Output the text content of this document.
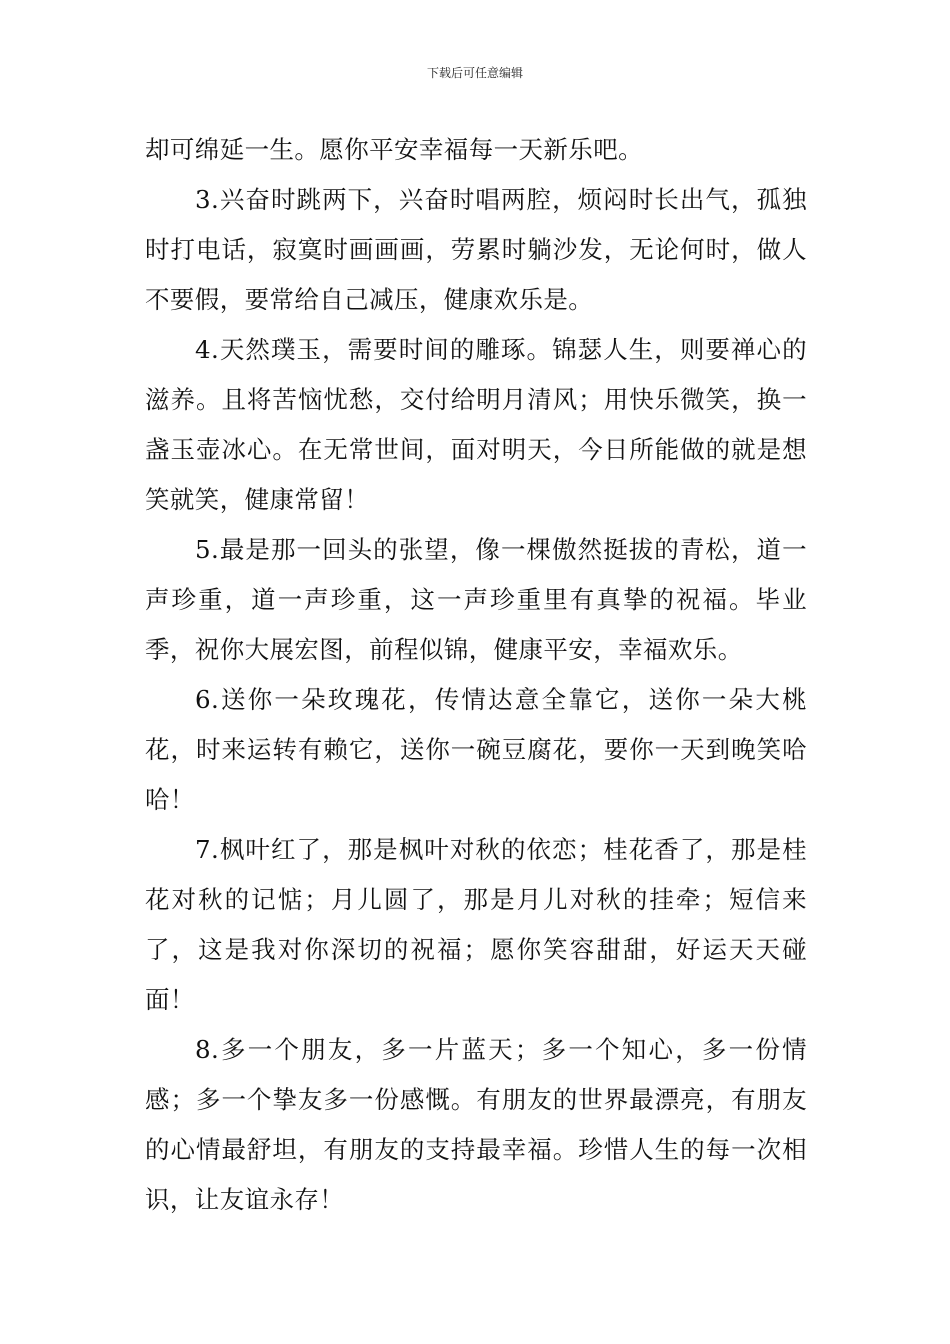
下载后可任意编辑

却可绵延一生。愿你平安幸福每一天新乐吧。

3.兴奋时跳两下，兴奋时唱两腔，烦闷时长出气，孤独时打电话，寂寞时画画画，劳累时躺沙发，无论何时，做人不要假，要常给自己减压，健康欢乐是。

4.天然璞玉，需要时间的雕琢。锦瑟人生，则要禅心的滋养。且将苦恼忧愁，交付给明月清风；用快乐微笑，换一盏玉壶冰心。在无常世间，面对明天，今日所能做的就是想笑就笑，健康常留！

5.最是那一回头的张望，像一棵傲然挺拔的青松，道一声珍重，道一声珍重，这一声珍重里有真挚的祝福。毕业季，祝你大展宏图，前程似锦，健康平安，幸福欢乐。

6.送你一朵玫瑰花，传情达意全靠它，送你一朵大桃花，时来运转有赖它，送你一碗豆腐花，要你一天到晚笑哈哈！

7.枫叶红了，那是枫叶对秋的依恋；桂花香了，那是桂花对秋的记惦；月儿圆了，那是月儿对秋的挂牵；短信来了，这是我对你深切的祝福；愿你笑容甜甜，好运天天碰面！

8.多一个朋友，多一片蓝天；多一个知心，多一份情感；多一个挚友多一份感慨。有朋友的世界最漂亮，有朋友的心情最舒坦，有朋友的支持最幸福。珍惜人生的每一次相识，让友谊永存！
